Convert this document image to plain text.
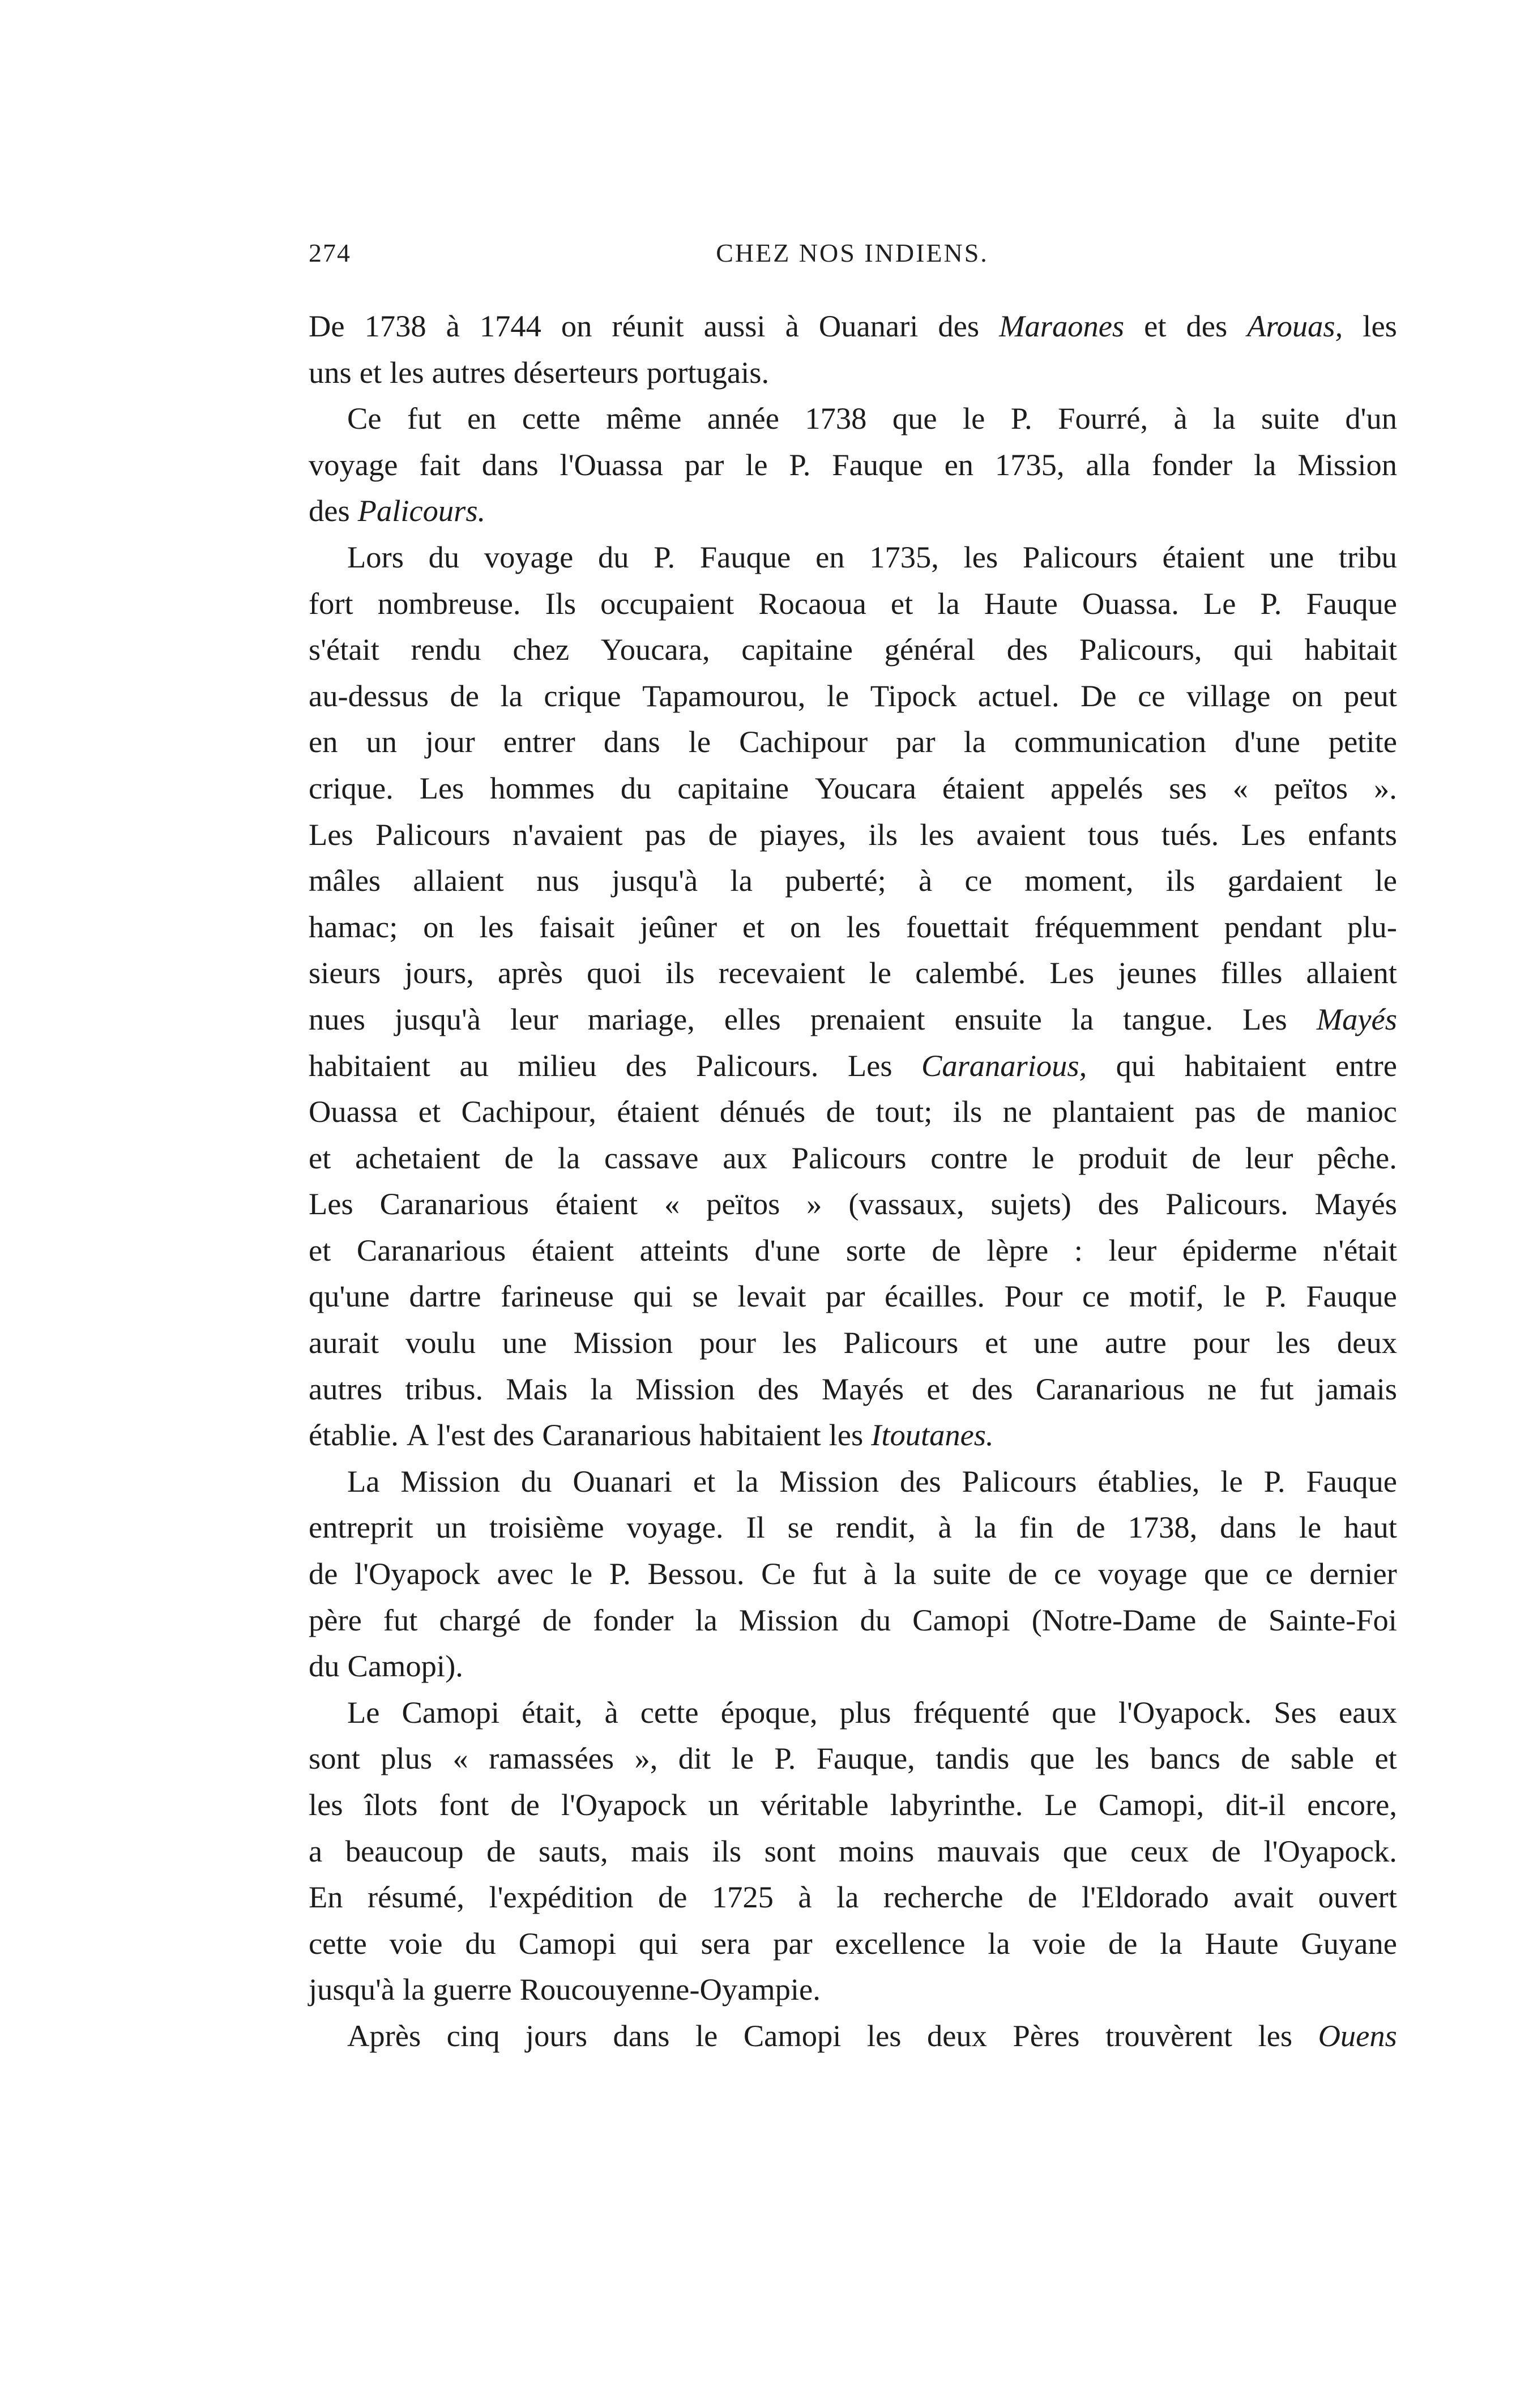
274	CHEZ NOS INDIENS.
De 1738 à 1744 on réunit aussi à Ouanari des Maraones et des Arouas, les
uns et les autres déserteurs portugais.
Ce fut en cette même année 1738 que le P. Fourré, à la suite d'un
voyage fait dans l'Ouassa par le P. Fauque en 1735, alla fonder la Mission
des Palicours.
Lors du voyage du P. Fauque en 1735, les Palicours étaient une tribu
fort nombreuse. Ils occupaient Rocaoua et la Haute Ouassa. Le P. Fauque
s'était rendu chez Youcara, capitaine général des Palicours, qui habitait
au-dessus de la crique Tapamourou, le Tipock actuel. De ce village on peut
en un jour entrer dans le Cachipour par la communication d'une petite
crique. Les hommes du capitaine Youcara étaient appelés ses « peïtos ».
Les Palicours n'avaient pas de piayes, ils les avaient tous tués. Les enfants
mâles allaient nus jusqu'à la puberté; à ce moment, ils gardaient le
hamac; on les faisait jeûner et on les fouettait fréquemment pendant plu-
sieurs jours, après quoi ils recevaient le calembé. Les jeunes filles allaient
nues jusqu'à leur mariage, elles prenaient ensuite la tangue. Les Mayés
habitaient au milieu des Palicours. Les Caranarious, qui habitaient entre
Ouassa et Cachipour, étaient dénués de tout; ils ne plantaient pas de manioc
et achetaient de la cassave aux Palicours contre le produit de leur pêche.
Les Caranarious étaient « peïtos » (vassaux, sujets) des Palicours. Mayés
et Caranarious étaient atteints d'une sorte de lèpre : leur épiderme n'était
qu'une dartre farineuse qui se levait par écailles. Pour ce motif, le P. Fauque
aurait voulu une Mission pour les Palicours et une autre pour les deux
autres tribus. Mais la Mission des Mayés et des Caranarious ne fut jamais
établie. A l'est des Caranarious habitaient les Itoutanes.
La Mission du Ouanari et la Mission des Palicours établies, le P. Fauque
entreprit un troisième voyage. Il se rendit, à la fin de 1738, dans le haut
de l'Oyapock avec le P. Bessou. Ce fut à la suite de ce voyage que ce dernier
père fut chargé de fonder la Mission du Camopi (Notre-Dame de Sainte-Foi
du Camopi).
Le Camopi était, à cette époque, plus fréquenté que l'Oyapock. Ses eaux
sont plus « ramassées », dit le P. Fauque, tandis que les bancs de sable et
les îlots font de l'Oyapock un véritable labyrinthe. Le Camopi, dit-il encore,
a beaucoup de sauts, mais ils sont moins mauvais que ceux de l'Oyapock.
En résumé, l'expédition de 1725 à la recherche de l'Eldorado avait ouvert
cette voie du Camopi qui sera par excellence la voie de la Haute Guyane
jusqu'à la guerre Roucouyenne-Oyampie.
Après cinq jours dans le Camopi les deux Pères trouvèrent les Ouens
